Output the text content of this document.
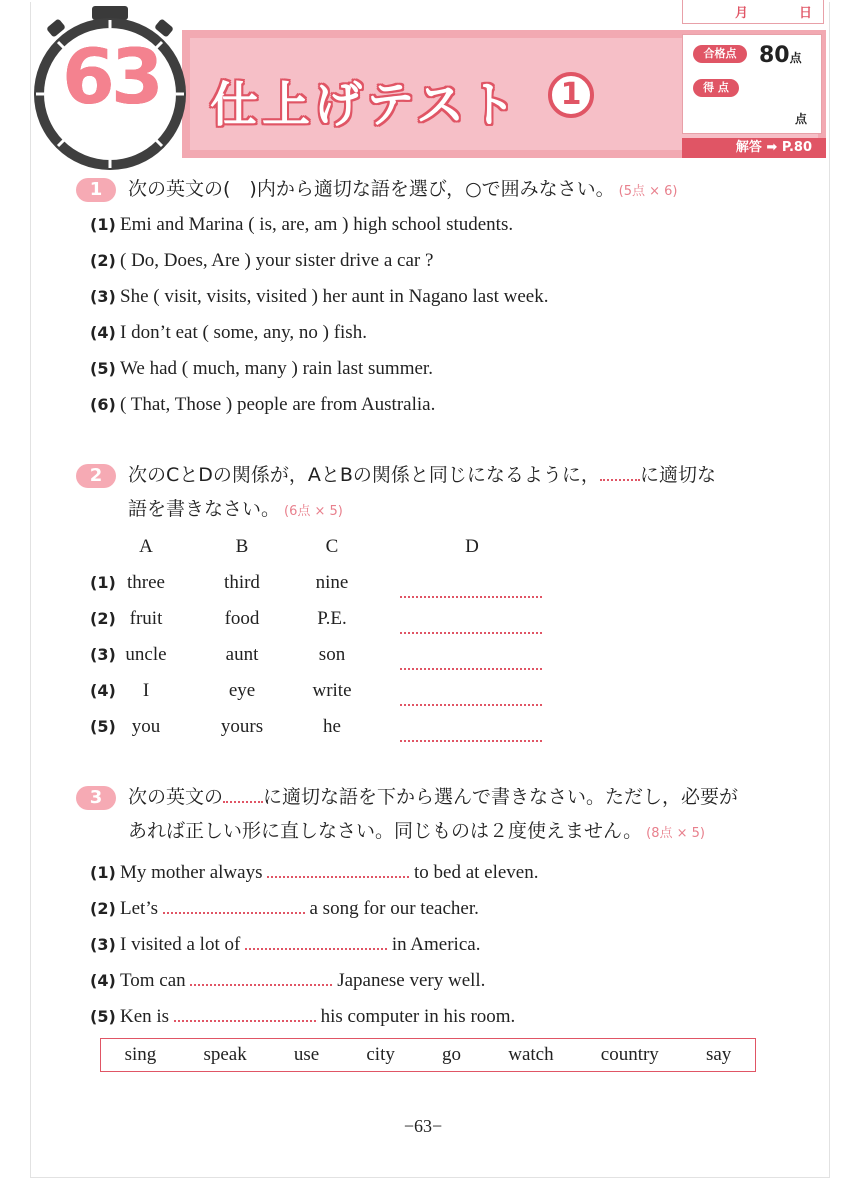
月	日
63 仕上げテスト	1
合格点	80点
得 点
点
解答 ➡ P.80
1	次の英文の(　)内から適切な語を選び，○で囲みなさい。 (5点 × 6)
(1) Emi and Marina ( is, are, am ) high school students.
(2) ( Do, Does, Are ) your sister drive a car ?
(3) She ( visit, visits, visited ) her aunt in Nagano last week.
(4) I don’t eat ( some, any, no ) fish.
(5) We had ( much, many ) rain last summer.
(6) ( That, Those ) people are from Australia.
2	次のCとDの関係が，AとBの関係と同じになるように， に適切な
語を書きなさい。 (6点 × 5)
A	B	C	D
(1) three	third	nine
(2) fruit	food	P.E.
(3) uncle	aunt	son
(4)	I	eye	write
(5) you	yours	he
3	次の英文の に適切な語を下から選んで書きなさい。ただし，必要が
あれば正しい形に直しなさい。同じものは２度使えません。 (8点 × 5)
(1) My mother always	to bed at eleven.
(2) Let’s	a song for our teacher.
(3) I visited a lot of	in America.
(4) Tom can	Japanese very well.
(5) Ken is	his computer in his room.
sing speak use city go watch country say
−63−
